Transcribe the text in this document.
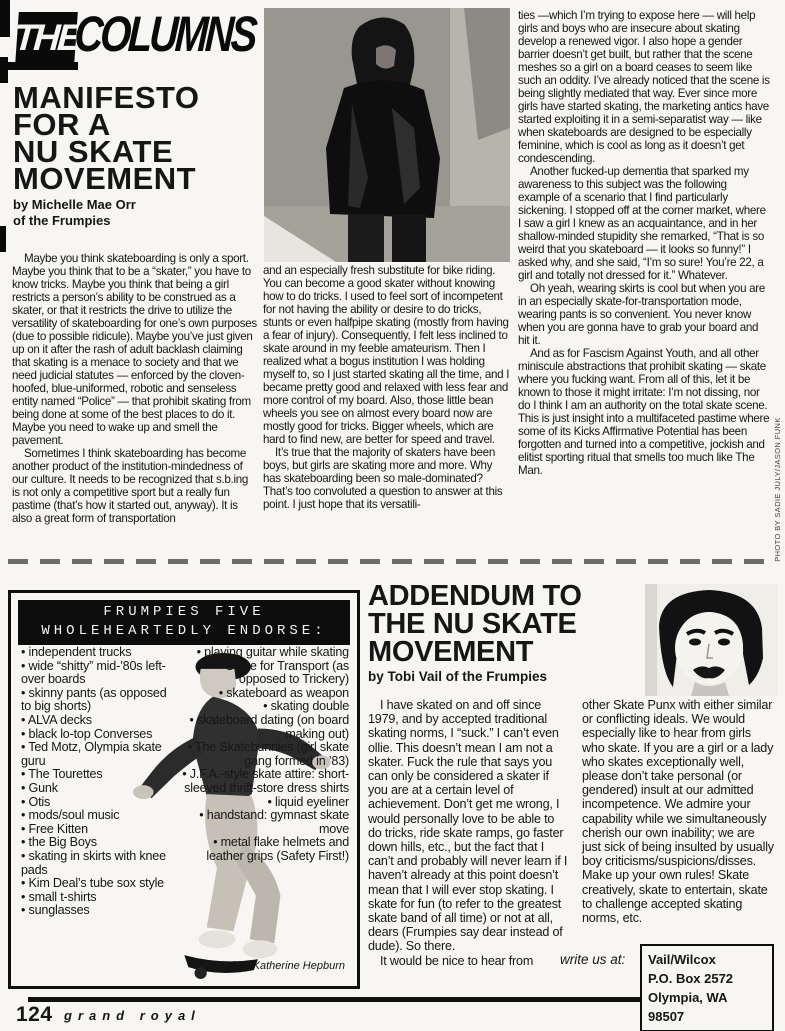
THE
COLUMNS
MANIFESTO
FOR A
NU SKATE
MOVEMENT
by Michelle Mae Orr
of the Frumpies

Maybe you think skateboarding is only a sport. Maybe you think that to be a “skater,” you have to know tricks. Maybe you think that being a girl restricts a person’s ability to be construed as a skater, or that it restricts the drive to utilize the versatility of skateboarding for one’s own purposes (due to possible ridicule). Maybe you’ve just given up on it after the rash of adult backlash claiming that skating is a menace to society and that we need judicial statutes — enforced by the cloven-hoofed, blue-uniformed, robotic and senseless entity named “Police” — that prohibit skating from being done at some of the best places to do it. Maybe you need to wake up and smell the pavement.

Sometimes I think skateboarding has become another product of the institution-mindedness of our culture. It needs to be recognized that s.b.ing is not only a competitive sport but a really fun pastime (that’s how it started out, anyway). It is also a great form of transportation

and an especially fresh substitute for bike riding. You can become a good skater without knowing how to do tricks. I used to feel sort of incompetent for not having the ability or desire to do tricks, stunts or even halfpipe skating (mostly from having a fear of injury). Consequently, I felt less inclined to skate around in my feeble amateurism. Then I realized what a bogus institution I was holding myself to, so I just started skating all the time, and I became pretty good and relaxed with less fear and more control of my board. Also, those little bean wheels you see on almost every board now are mostly good for tricks. Bigger wheels, which are hard to find new, are better for speed and travel.

It’s true that the majority of skaters have been boys, but girls are skating more and more. Why has skateboarding been so male-dominated? That’s too convoluted a question to answer at this point. I just hope that its versatili-

ties —which I’m trying to expose here — will help girls and boys who are insecure about skating develop a renewed vigor. I also hope a gender barrier doesn’t get built, but rather that the scene meshes so a girl on a board ceases to seem like such an oddity. I’ve already noticed that the scene is being slightly mediated that way. Ever since more girls have started skating, the marketing antics have started exploiting it in a semi-separatist way — like when skateboards are designed to be especially feminine, which is cool as long as it doesn’t get condescending.

Another fucked-up dementia that sparked my awareness to this subject was the following example of a scenario that I find particularly sickening. I stopped off at the corner market, where I saw a girl I knew as an acquaintance, and in her shallow-minded stupidity she remarked, “That is so weird that you skateboard — it looks so funny!” I asked why, and she said, “I’m so sure! You’re 22, a girl and totally not dressed for it.” Whatever.

Oh yeah, wearing skirts is cool but when you are in an especially skate-for-transportation mode, wearing pants is so convenient. You never know when you are gonna have to grab your board and hit it.

And as for Fascism Against Youth, and all other miniscule abstractions that prohibit skating — skate where you fucking want. From all of this, let it be known to those it might irritate: I’m not dissing, nor do I think I am an authority on the total skate scene. This is just insight into a multifaceted pastime where some of its Kicks Affirmative Potential has been forgotten and turned into a competitive, jockish and elitist sporting ritual that smells too much like The Man.	PHOTO BY SADIE JULY/JASON FUNK
FRUMPIES FIVE
WHOLEHEARTEDLY ENDORSE:
• independent trucks
• wide “shitty” mid-’80s left-over boards
• skinny pants (as opposed to big shorts)
• ALVA decks
• black lo-top Converses
• Ted Motz, Olympia skate guru
• The Tourettes
• Gunk
• Otis
• mods/soul music
• Free Kitten
• the Big Boys
• skating in skirts with knee pads
• Kim Deal’s tube sox style
• small t-shirts
• sunglasses
• playing guitar while skating
• Skate for Transport (as opposed to Trickery)
• skateboard as weapon
• skating double
• skateboard dating (on board making out)
• The Skatebunnies (girl skate gang formed in ’83)
• J.F.A.-style skate attire: short-sleeved thrift-store dress shirts
• liquid eyeliner
• handstand: gymnast skate move
• metal flake helmets and leather grips (Safety First!)
at left: Katherine Hepburn
ADDENDUM TO
THE NU SKATE
MOVEMENT
by Tobi Vail of the Frumpies

I have skated on and off since 1979, and by accepted traditional skating norms, I “suck.” I can’t even ollie. This doesn’t mean I am not a skater. Fuck the rule that says you can only be considered a skater if you are at a certain level of achievement. Don’t get me wrong, I would personally love to be able to do tricks, ride skate ramps, go faster down hills, etc., but the fact that I can’t and probably will never learn if I haven’t already at this point doesn’t mean that I will ever stop skating. I skate for fun (to refer to the greatest skate band of all time) or not at all, dears (Frumpies say dear instead of dude). So there.

It would be nice to hear from

other Skate Punx with either similar or conflicting ideals. We would especially like to hear from girls who skate. If you are a girl or a lady who skates exceptionally well, please don’t take personal (or gendered) insult at our admitted incompetence. We admire your capability while we simultaneously cherish our own inability; we are just sick of being insulted by usually boy criticisms/suspicions/disses. Make up your own rules! Skate creatively, skate to entertain, skate to challenge accepted skating norms, etc.

write us at: Vail/Wilcox
P.O. Box 2572
Olympia, WA 98507
124 grand royal
